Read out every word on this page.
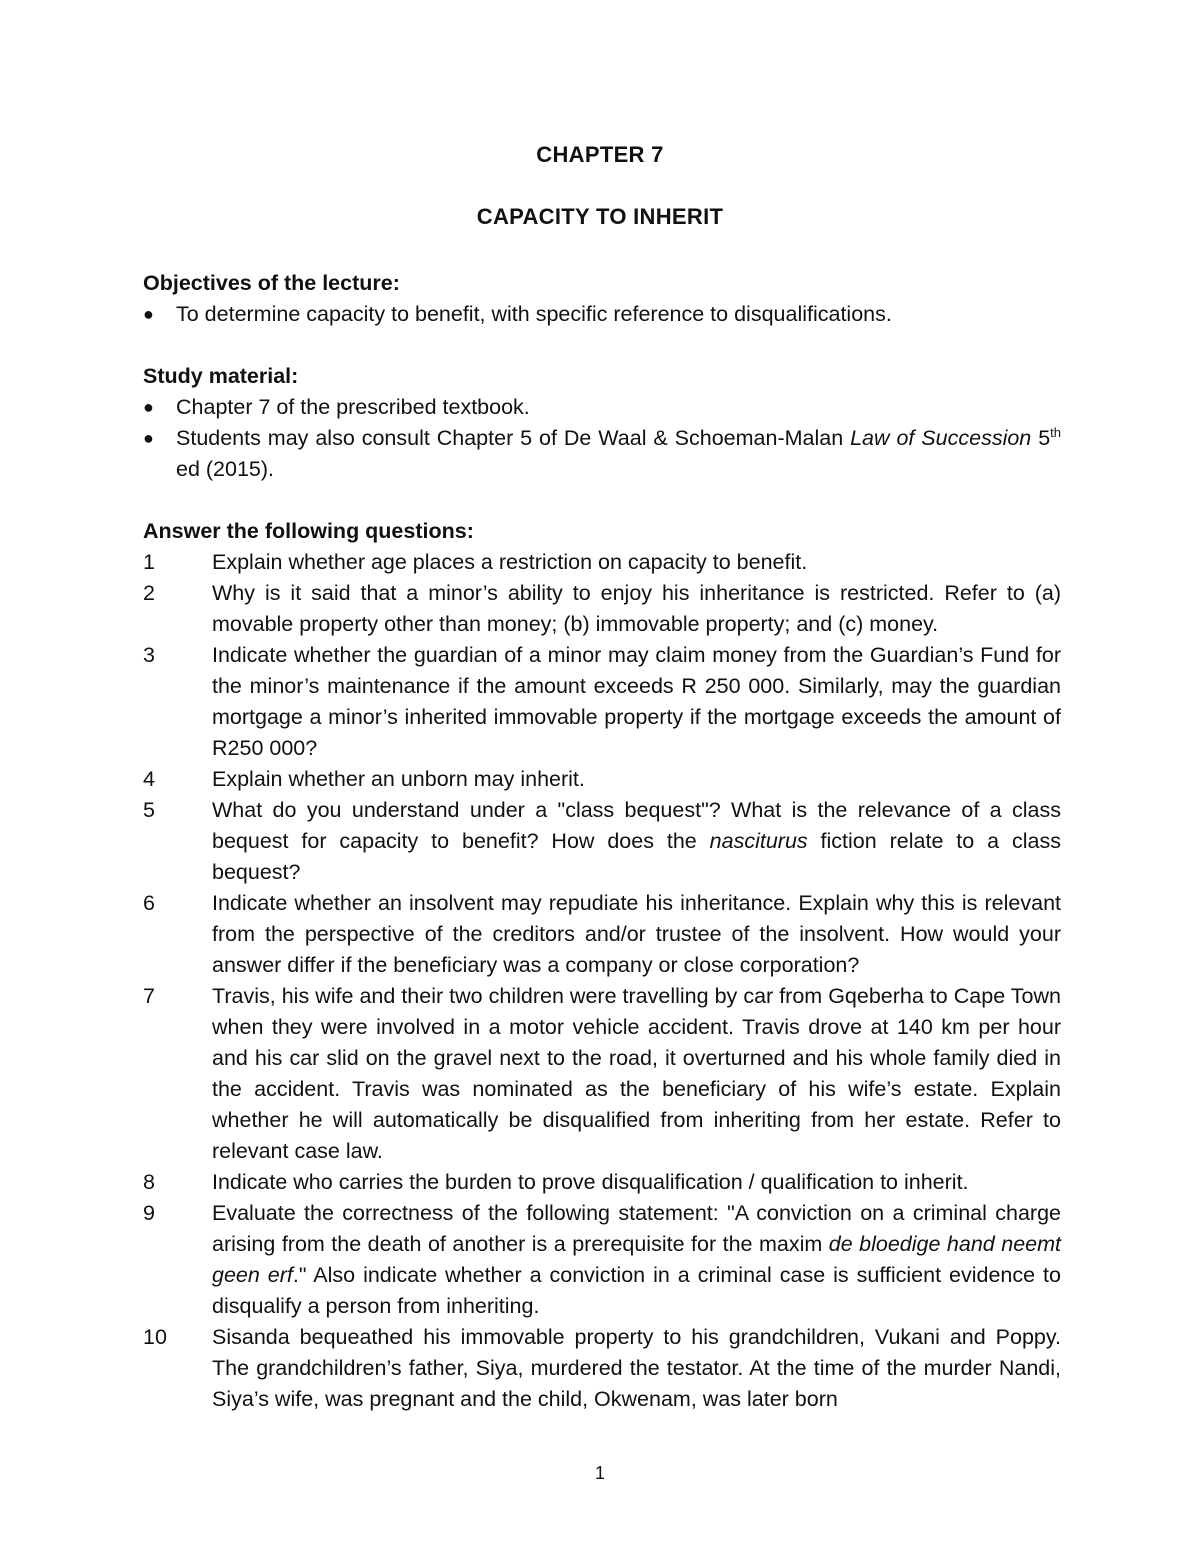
CHAPTER 7
CAPACITY TO INHERIT

Objectives of the lecture:

●	To determine capacity to benefit, with specific reference to disqualifications.

Study material:

●	Chapter 7 of the prescribed textbook.
●	Students may also consult Chapter 5 of De Waal & Schoeman-Malan Law of Succession 5th ed (2015).

Answer the following questions:

1	Explain whether age places a restriction on capacity to benefit.
2	Why is it said that a minor’s ability to enjoy his inheritance is restricted. Refer to (a) movable property other than money; (b) immovable property; and (c) money.
3	Indicate whether the guardian of a minor may claim money from the Guardian’s Fund for the minor’s maintenance if the amount exceeds R 250 000. Similarly, may the guardian mortgage a minor’s inherited immovable property if the mortgage exceeds the amount of R250 000?
4	Explain whether an unborn may inherit.
5	What do you understand under a "class bequest"? What is the relevance of a class bequest for capacity to benefit? How does the nasciturus fiction relate to a class bequest?
6	Indicate whether an insolvent may repudiate his inheritance. Explain why this is relevant from the perspective of the creditors and/or trustee of the insolvent. How would your answer differ if the beneficiary was a company or close corporation?
7	Travis, his wife and their two children were travelling by car from Gqeberha to Cape Town when they were involved in a motor vehicle accident. Travis drove at 140 km per hour and his car slid on the gravel next to the road, it overturned and his whole family died in the accident. Travis was nominated as the beneficiary of his wife’s estate. Explain whether he will automatically be disqualified from inheriting from her estate. Refer to relevant case law.
8	Indicate who carries the burden to prove disqualification / qualification to inherit.
9	Evaluate the correctness of the following statement: "A conviction on a criminal charge arising from the death of another is a prerequisite for the maxim de bloedige hand neemt geen erf." Also indicate whether a conviction in a criminal case is sufficient evidence to disqualify a person from inheriting.
10 Sisanda bequeathed his immovable property to his grandchildren, Vukani and Poppy. The grandchildren’s father, Siya, murdered the testator. At the time of the murder Nandi, Siya’s wife, was pregnant and the child, Okwenam, was later born
1
